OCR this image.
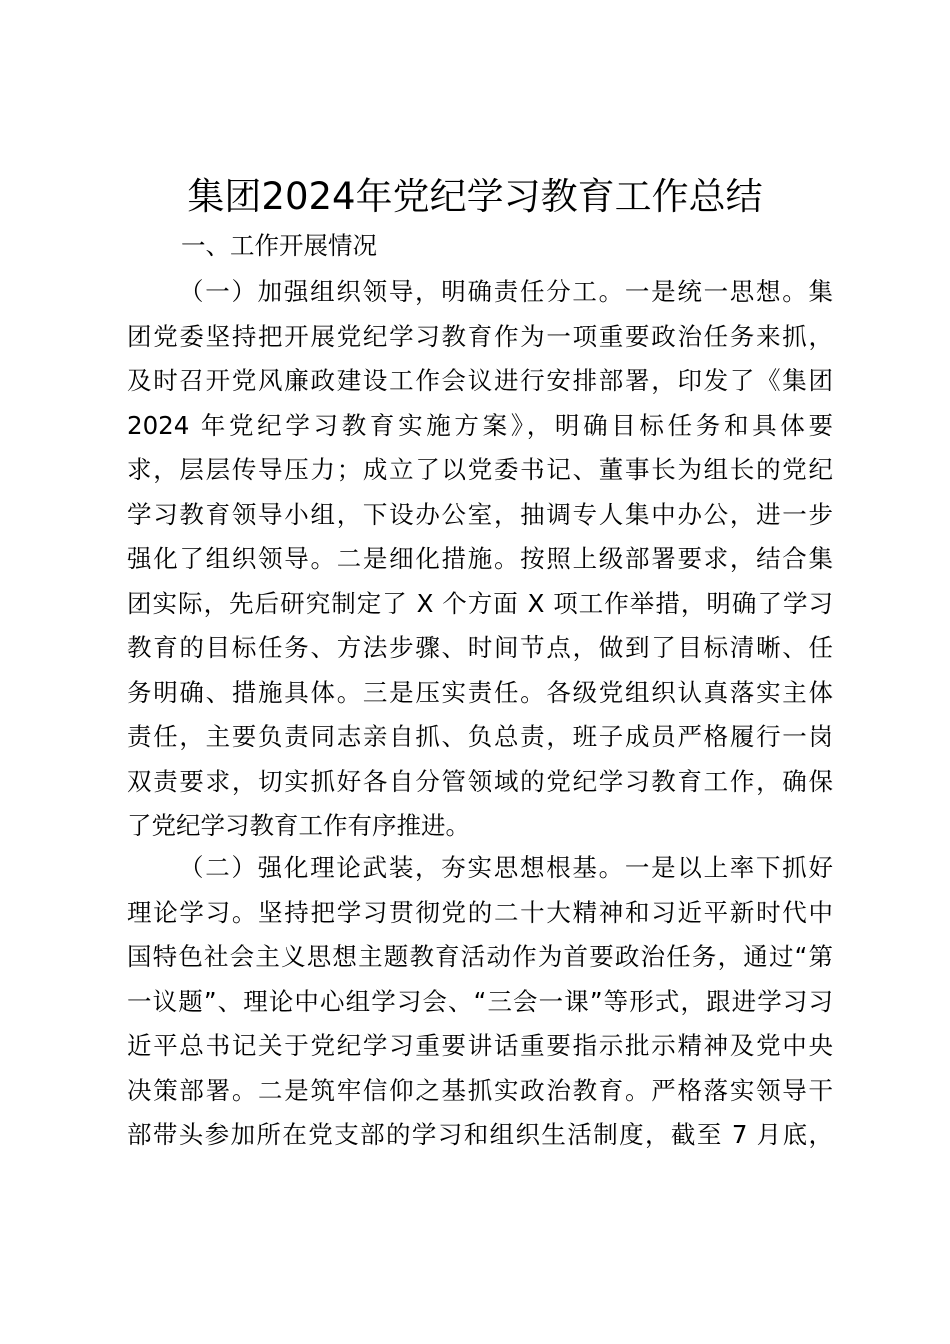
集团2024年党纪学习教育工作总结
一、工作开展情况
（一）加强组织领导，明确责任分工。一是统一思想。集
团党委坚持把开展党纪学习教育作为一项重要政治任务来抓，
及时召开党风廉政建设工作会议进行安排部署，印发了《集团
2024 年党纪学习教育实施方案》，明确目标任务和具体要
求，层层传导压力；成立了以党委书记、董事长为组长的党纪
学习教育领导小组，下设办公室，抽调专人集中办公，进一步
强化了组织领导。二是细化措施。按照上级部署要求，结合集
团实际，先后研究制定了 X 个方面 X 项工作举措，明确了学习
教育的目标任务、方法步骤、时间节点，做到了目标清晰、任
务明确、措施具体。三是压实责任。各级党组织认真落实主体
责任，主要负责同志亲自抓、负总责，班子成员严格履行一岗
双责要求，切实抓好各自分管领域的党纪学习教育工作，确保
了党纪学习教育工作有序推进。
（二）强化理论武装，夯实思想根基。一是以上率下抓好
理论学习。坚持把学习贯彻党的二十大精神和习近平新时代中
国特色社会主义思想主题教育活动作为首要政治任务，通过“第
一议题”、理论中心组学习会、“三会一课”等形式，跟进学习习
近平总书记关于党纪学习重要讲话重要指示批示精神及党中央
决策部署。二是筑牢信仰之基抓实政治教育。严格落实领导干
部带头参加所在党支部的学习和组织生活制度，截至 7 月底，
